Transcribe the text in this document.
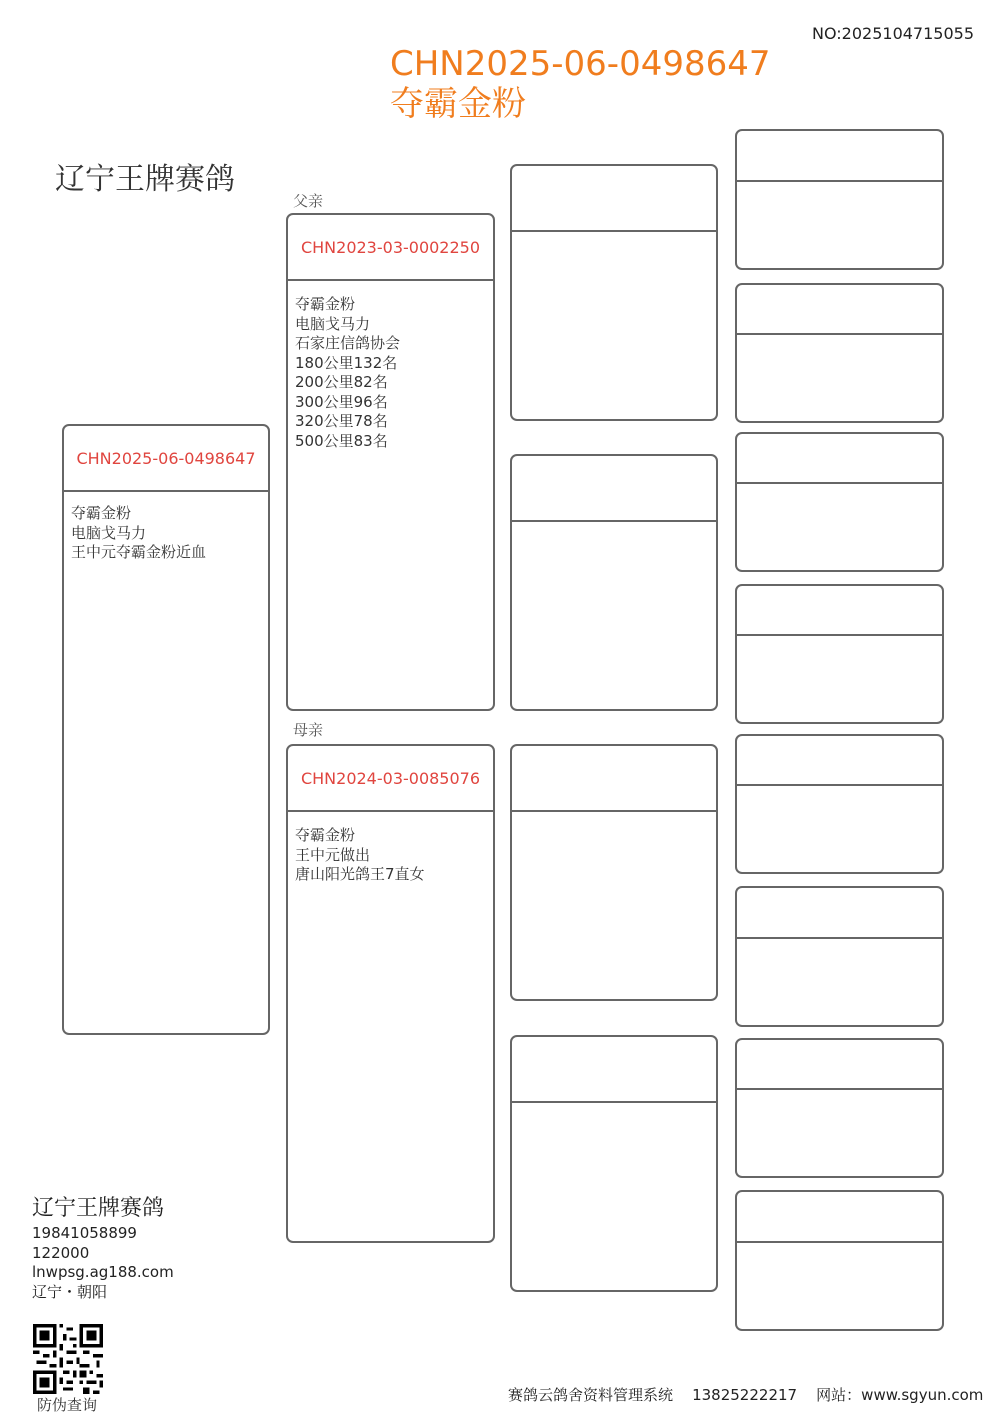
NO:2025104715055
CHN2025-06-0498647
夺霸金粉
辽宁王牌赛鸽
CHN2025-06-0498647
夺霸金粉
电脑戈马力
王中元夺霸金粉近血
父亲
CHN2023-03-0002250
夺霸金粉
电脑戈马力
石家庄信鸽协会
180公里132名
200公里82名
300公里96名
320公里78名
500公里83名
母亲
CHN2024-03-0085076
夺霸金粉
王中元做出
唐山阳光鸽王7直女
辽宁王牌赛鸽
19841058899
122000
lnwpsg.ag188.com
辽宁・朝阳
防伪查询
赛鸽云鸽舍资料管理系统 13825222217 网站：www.sgyun.com
